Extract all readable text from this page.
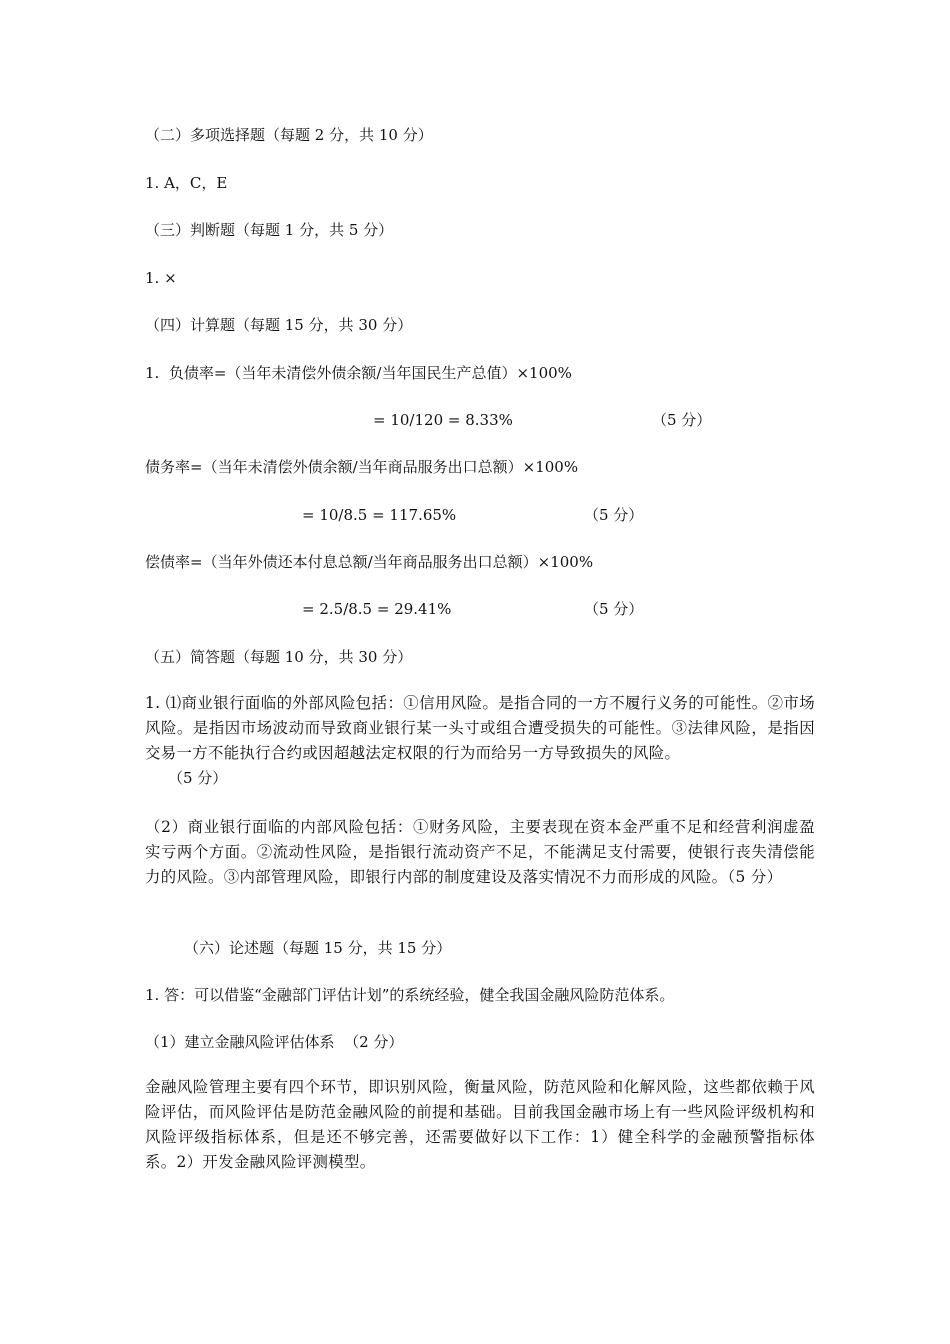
（二）多项选择题（每题 2 分，共 10 分）
1. A，C，E
（三）判断题（每题 1 分，共 5 分）
1. ×
（四）计算题（每题 15 分，共 30 分）
1.  负债率=（当年未清偿外债余额/当年国民生产总值）×100%
= 10/120 = 8.33%	（5 分）
债务率=（当年未清偿外债余额/当年商品服务出口总额）×100%
= 10/8.5 = 117.65%	（5 分）
偿债率=（当年外债还本付息总额/当年商品服务出口总额）×100%
= 2.5/8.5 = 29.41%	（5 分）
（五）简答题（每题 10 分，共 30 分）
1. ⑴商业银行面临的外部风险包括：①信用风险。是指合同的一方不履行义务的可能性。②市场风险。是指因市场波动而导致商业银行某一头寸或组合遭受损失的可能性。③法律风险，是指因交易一方不能执行合约或因超越法定权限的行为而给另一方导致损失的风险。
（5 分）
（2）商业银行面临的内部风险包括：①财务风险，主要表现在资本金严重不足和经营利润虚盈实亏两个方面。②流动性风险，是指银行流动资产不足，不能满足支付需要，使银行丧失清偿能力的风险。③内部管理风险，即银行内部的制度建设及落实情况不力而形成的风险。（5 分）
（六）论述题（每题 15 分，共 15 分）
1. 答：可以借鉴“金融部门评估计划”的系统经验，健全我国金融风险防范体系。
（1）建立金融风险评估体系  （2 分）
金融风险管理主要有四个环节，即识别风险，衡量风险，防范风险和化解风险，这些都依赖于风险评估，而风险评估是防范金融风险的前提和基础。目前我国金融市场上有一些风险评级机构和风险评级指标体系，但是还不够完善，还需要做好以下工作：1）健全科学的金融预警指标体系。2）开发金融风险评测模型。
